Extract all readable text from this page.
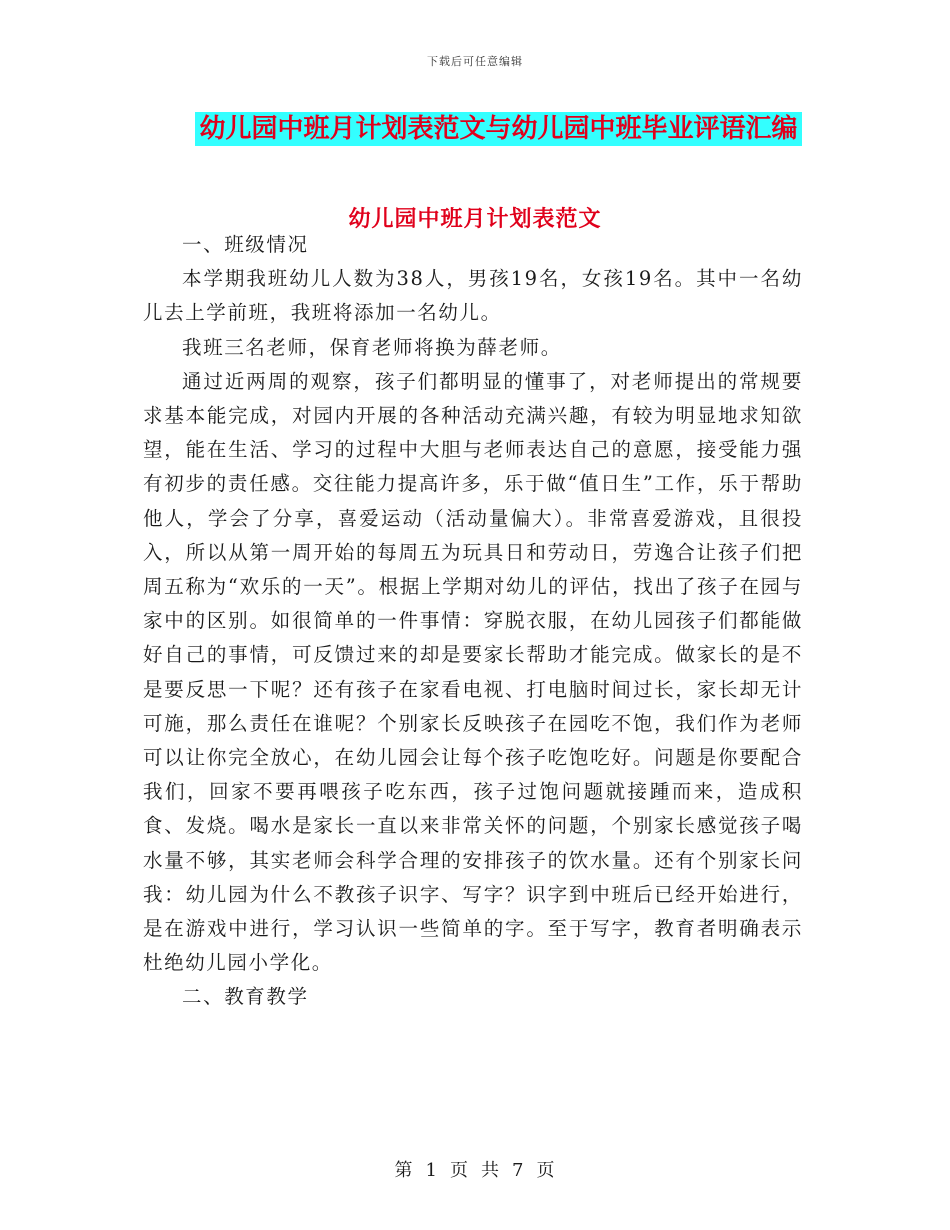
下载后可任意编辑
幼儿园中班月计划表范文与幼儿园中班毕业评语汇编
幼儿园中班月计划表范文

一、班级情况

本学期我班幼儿人数为38人，男孩19名，女孩19名。其中一名幼儿去上学前班，我班将添加一名幼儿。

我班三名老师，保育老师将换为薛老师。

通过近两周的观察，孩子们都明显的懂事了，对老师提出的常规要求基本能完成，对园内开展的各种活动充满兴趣，有较为明显地求知欲望，能在生活、学习的过程中大胆与老师表达自己的意愿，接受能力强有初步的责任感。交往能力提高许多，乐于做“值日生”工作，乐于帮助他人，学会了分享，喜爱运动（活动量偏大）。非常喜爱游戏，且很投入，所以从第一周开始的每周五为玩具日和劳动日，劳逸合让孩子们把周五称为“欢乐的一天”。根据上学期对幼儿的评估，找出了孩子在园与家中的区别。如很简单的一件事情：穿脱衣服，在幼儿园孩子们都能做好自己的事情，可反馈过来的却是要家长帮助才能完成。做家长的是不是要反思一下呢？还有孩子在家看电视、打电脑时间过长，家长却无计可施，那么责任在谁呢？个别家长反映孩子在园吃不饱，我们作为老师可以让你完全放心，在幼儿园会让每个孩子吃饱吃好。问题是你要配合我们，回家不要再喂孩子吃东西，孩子过饱问题就接踵而来，造成积食、发烧。喝水是家长一直以来非常关怀的问题，个别家长感觉孩子喝水量不够，其实老师会科学合理的安排孩子的饮水量。还有个别家长问我：幼儿园为什么不教孩子识字、写字？识字到中班后已经开始进行，是在游戏中进行，学习认识一些简单的字。至于写字，教育者明确表示杜绝幼儿园小学化。

二、教育教学

第 1 页 共 7 页
